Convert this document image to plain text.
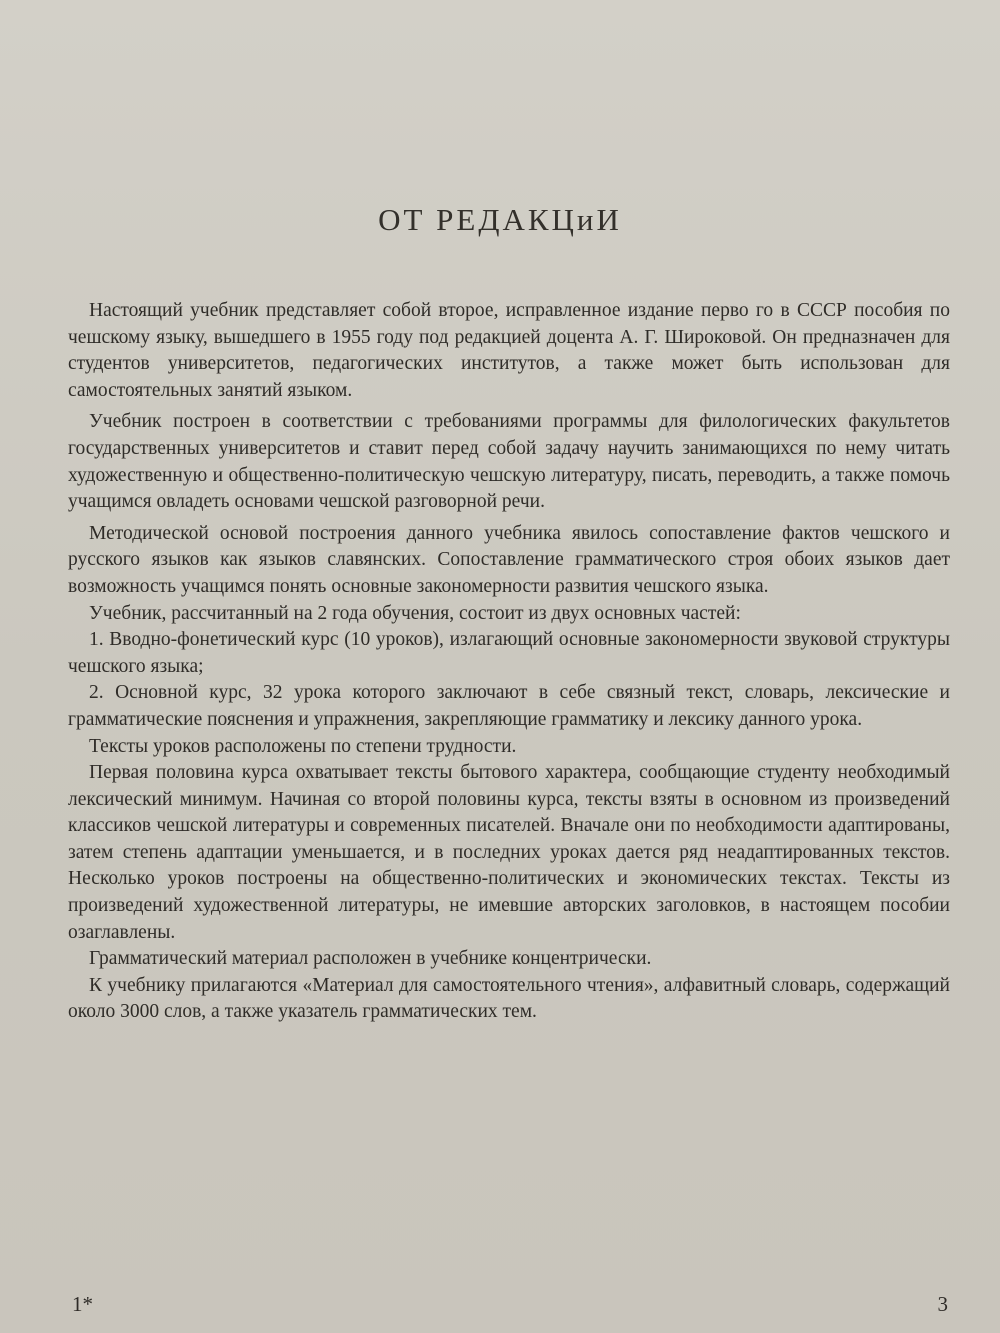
ОТ РЕДАКЦиИ

Настоящий учебник представляет собой второе, исправленное издание перво го в СССР пособия по чешскому языку, вышедшего в 1955 году под редакцией доцента А. Г. Широковой. Он предназначен для студентов университетов, педагогических институтов, а также может быть использован для самостоятельных занятий языком.

Учебник построен в соответствии с требованиями программы для филологических факультетов государственных университетов и ставит перед собой задачу научить занимающихся по нему читать художественную и общественно-политическую чешскую литературу, писать, переводить, а также помочь учащимся овладеть основами чешской разговорной речи.

Методической основой построения данного учебника явилось сопоставление фактов чешского и русского языков как языков славянских. Сопоставление грамматического строя обоих языков дает возможность учащимся понять основные закономерности развития чешского языка.

Учебник, рассчитанный на 2 года обучения, состоит из двух основных частей:

1. Вводно-фонетический курс (10 уроков), излагающий основные закономерности звуковой структуры чешского языка;

2. Основной курс, 32 урока которого заключают в себе связный текст, словарь, лексические и грамматические пояснения и упражнения, закрепляющие грамматику и лексику данного урока.

Тексты уроков расположены по степени трудности.

Первая половина курса охватывает тексты бытового характера, сообщающие студенту необходимый лексический минимум. Начиная со второй половины курса, тексты взяты в основном из произведений классиков чешской литературы и современных писателей. Вначале они по необходимости адаптированы, затем степень адаптации уменьшается, и в последних уроках дается ряд неадаптированных текстов. Несколько уроков построены на общественно-политических и экономических текстах. Тексты из произведений художественной литературы, не имевшие авторских заголовков, в настоящем пособии озаглавлены.

Грамматический материал расположен в учебнике концентрически.

К учебнику прилагаются «Материал для самостоятельного чтения», алфавитный словарь, содержащий около 3000 слов, а также указатель грамматических тем.

1*	3
